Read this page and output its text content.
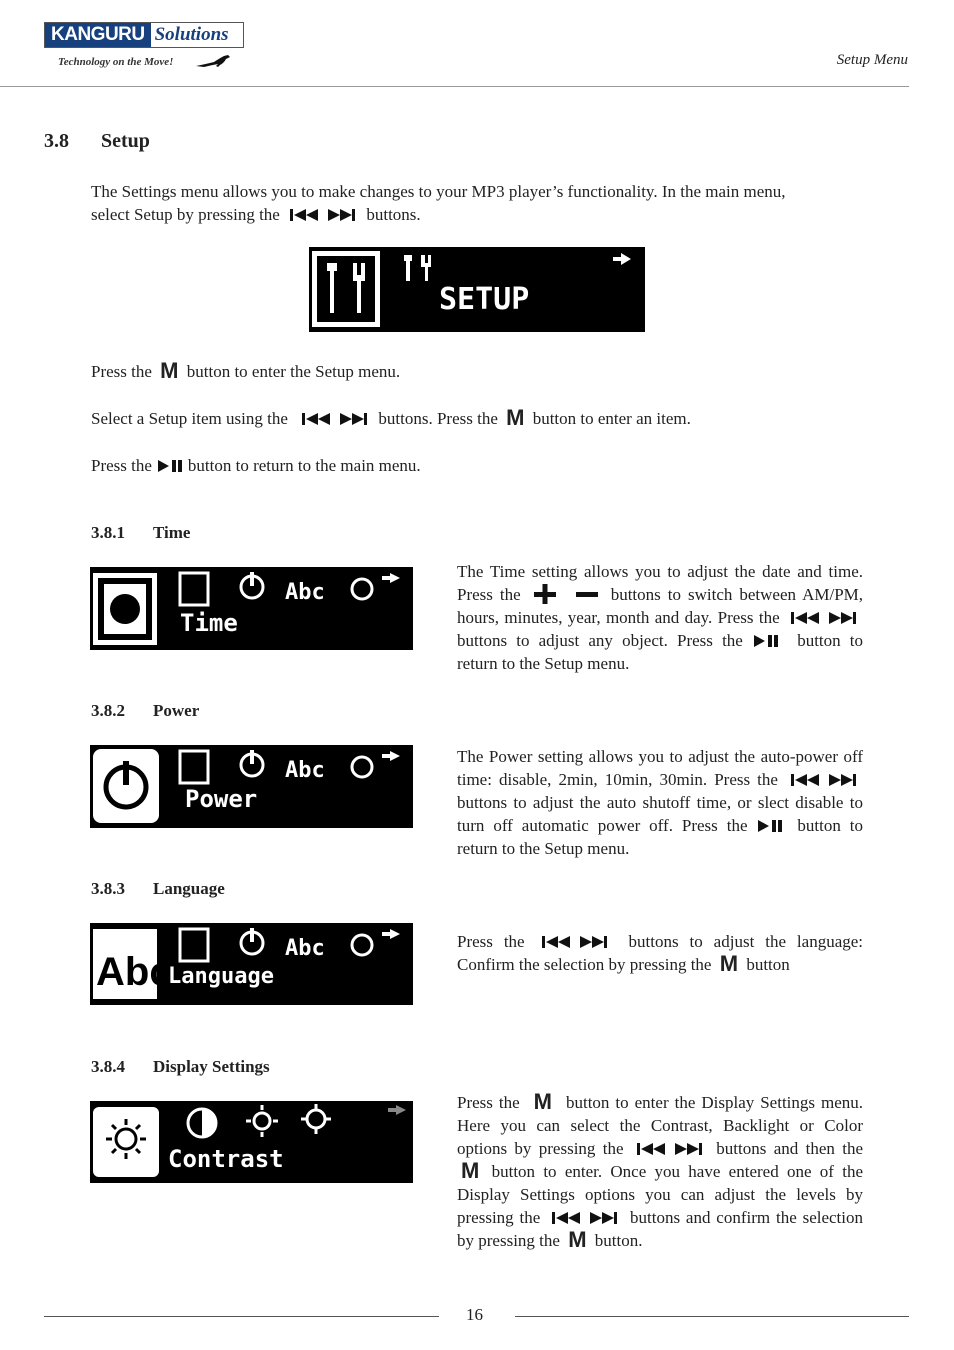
KANGURU Solutions
Technology on the Move!	Setup Menu
3.8 Setup
The Settings menu allows you to make changes to your MP3 player’s functionality. In the main menu,
select Setup by pressing the	buttons.
SETUP
Press the M button to enter the Setup menu.
Select a Setup item using the	buttons. Press the M button to enter an item.
Press the button to return to the main menu.
3.8.1 Time
Abc
Time
The Time setting allows you to adjust the date and time. Press the	buttons to switch between AM/PM, hours, minutes, year, month and day. Press the  buttons to adjust any object. Press the	button to return to the Setup menu.
3.8.2 Power
Abc
Power
The Power setting allows you to adjust the auto-power off time: disable, 2min, 10min, 30min. Press the  buttons to adjust the auto shutoff time, or slect disable to turn off automatic power off. Press the	button to return to the Setup menu.
3.8.3 Language
Abc
Abc
Language
Press the	buttons to adjust the language: Confirm the selection by pressing the M button
3.8.4 Display Settings
Contrast
Press the M button to enter the Display Settings menu. Here you can select the Contrast, Backlight or Color options by pressing the	buttons and then the M button to enter. Once you have entered one of the Display Settings options you can adjust the levels by pressing the	buttons and confirm the selection by pressing the M button.
16
